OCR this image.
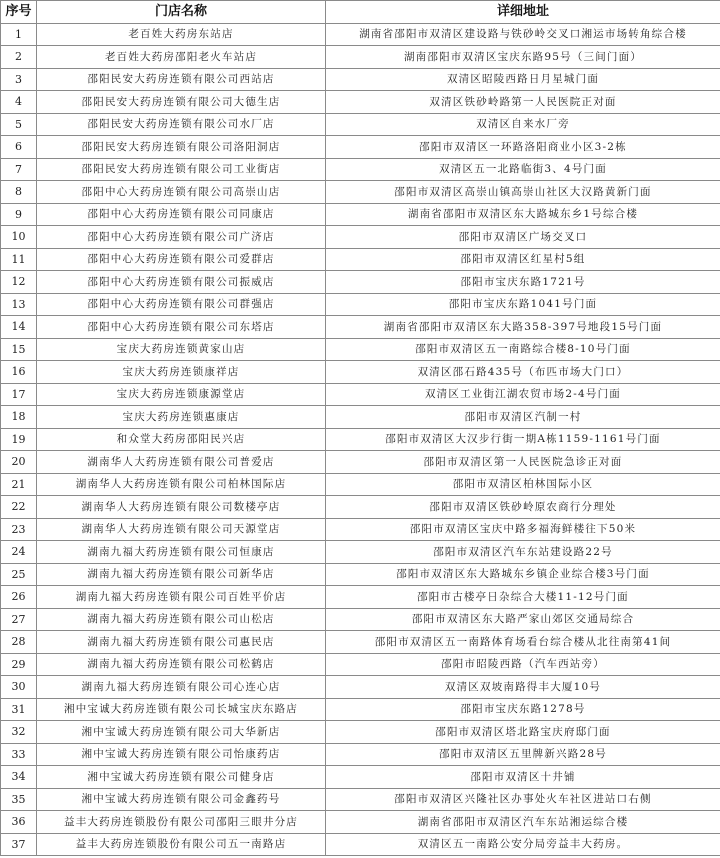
序号	门店名称	详细地址
1	老百姓大药房东站店	湖南省邵阳市双清区建设路与铁砂岭交叉口湘运市场转角综合楼
2	老百姓大药房邵阳老火车站店	湖南邵阳市双清区宝庆东路95号（三间门面）
3	邵阳民安大药房连锁有限公司西站店	双清区昭陵西路日月星城门面
4	邵阳民安大药房连锁有限公司大德生店	双清区铁砂岭路第一人民医院正对面
5	邵阳民安大药房连锁有限公司水厂店	双清区自来水厂旁
6	邵阳民安大药房连锁有限公司洛阳洞店	邵阳市双清区一环路洛阳商业小区3-2栋
7	邵阳民安大药房连锁有限公司工业街店	双清区五一北路临街3、4号门面
8	邵阳中心大药房连锁有限公司高崇山店	邵阳市双清区高崇山镇高崇山社区大汉路黄新门面
9	邵阳中心大药房连锁有限公司同康店	湖南省邵阳市双清区东大路城东乡1号综合楼
10	邵阳中心大药房连锁有限公司广济店	邵阳市双清区广场交叉口
11	邵阳中心大药房连锁有限公司爱群店	邵阳市双清区红星村5组
12	邵阳中心大药房连锁有限公司振威店	邵阳市宝庆东路1721号
13	邵阳中心大药房连锁有限公司群强店	邵阳市宝庆东路1041号门面
14	邵阳中心大药房连锁有限公司东塔店	湖南省邵阳市双清区东大路358-397号地段15号门面
15	宝庆大药房连锁黄家山店	邵阳市双清区五一南路综合楼8-10号门面
16	宝庆大药房连锁康祥店	双清区邵石路435号（布匹市场大门口）
17	宝庆大药房连锁康源堂店	双清区工业街江湖农贸市场2-4号门面
18	宝庆大药房连锁惠康店	邵阳市双清区汽制一村
19	和众堂大药房邵阳民兴店	邵阳市双清区大汉步行街一期A栋1159-1161号门面
20	湖南华人大药房连锁有限公司普爱店	邵阳市双清区第一人民医院急诊正对面
21	湖南华人大药房连锁有限公司柏林国际店	邵阳市双清区柏林国际小区
22	湖南华人大药房连锁有限公司数楼亭店	邵阳市双清区铁砂岭原农商行分理处
23	湖南华人大药房连锁有限公司天源堂店	邵阳市双清区宝庆中路多福海鲜楼往下50米
24	湖南九福大药房连锁有限公司恒康店	邵阳市双清区汽车东站建设路22号
25	湖南九福大药房连锁有限公司新华店	邵阳市双清区东大路城东乡镇企业综合楼3号门面
26	湖南九福大药房连锁有限公司百姓平价店	邵阳市古楼亭日杂综合大楼11-12号门面
27	湖南九福大药房连锁有限公司山松店	邵阳市双清区东大路严家山郊区交通局综合
28	湖南九福大药房连锁有限公司惠民店	邵阳市双清区五一南路体育场看台综合楼从北往南第41间
29	湖南九福大药房连锁有限公司松鹤店	邵阳市昭陵西路（汽车西站旁）
30	湖南九福大药房连锁有限公司心连心店	双清区双坡南路得丰大厦10号
31	湘中宝诚大药房连锁有限公司长城宝庆东路店	邵阳市宝庆东路1278号
32	湘中宝诚大药房连锁有限公司大华新店	邵阳市双清区塔北路宝庆府邸门面
33	湘中宝诚大药房连锁有限公司怡康药店	邵阳市双清区五里牌新兴路28号
34	湘中宝诚大药房连锁有限公司健身店	邵阳市双清区十井铺
35	湘中宝诚大药房连锁有限公司金鑫药号	邵阳市双清区兴隆社区办事处火车社区进站口右侧
36	益丰大药房连锁股份有限公司邵阳三眼井分店	湖南省邵阳市双清区汽车东站湘运综合楼
37	益丰大药房连锁股份有限公司五一南路店	双清区五一南路公安分局旁益丰大药房。
